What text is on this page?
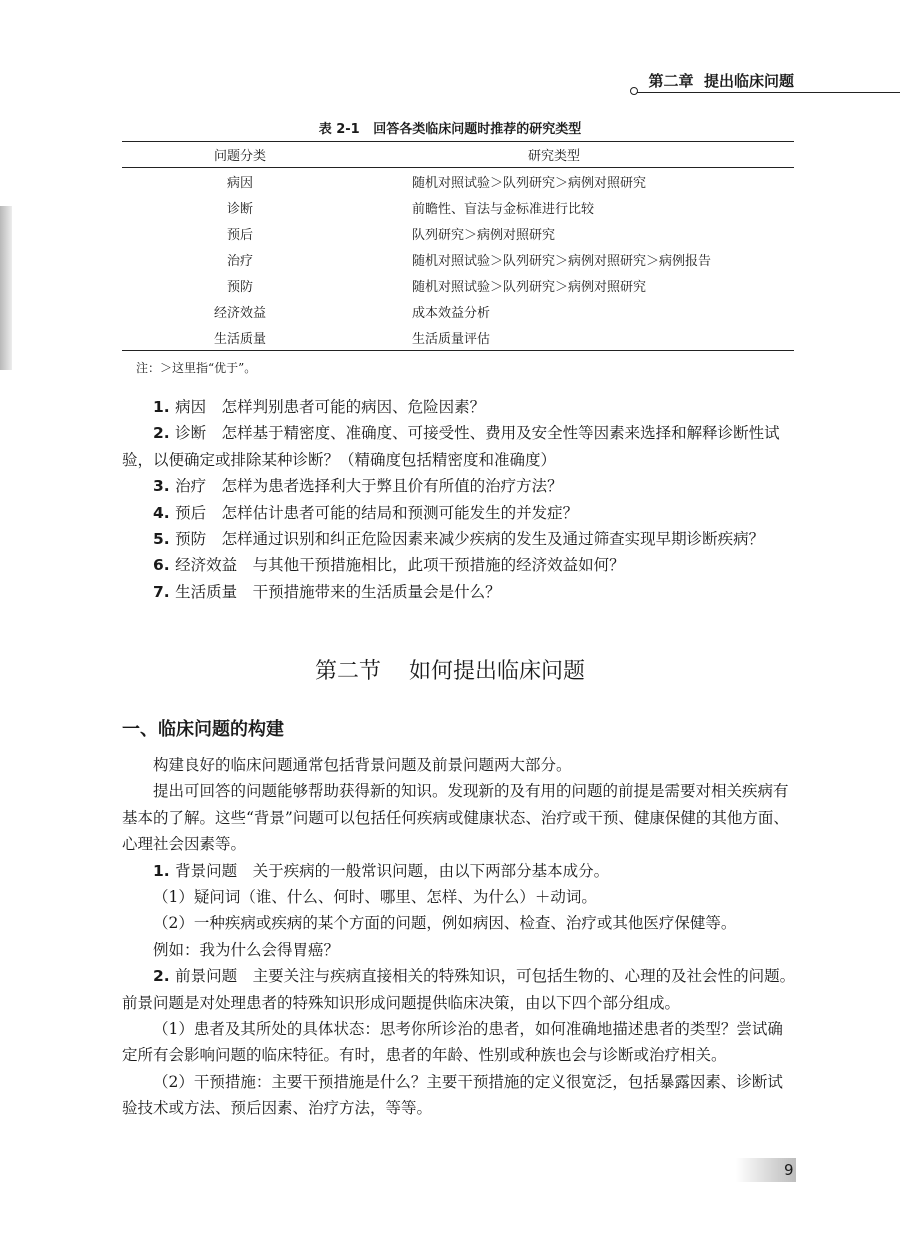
第二章  提出临床问题
表 2-1   回答各类临床问题时推荐的研究类型
问题分类	研究类型
病因	随机对照试验＞队列研究＞病例对照研究
诊断	前瞻性、盲法与金标准进行比较
预后	队列研究＞病例对照研究
治疗	随机对照试验＞队列研究＞病例对照研究＞病例报告
预防	随机对照试验＞队列研究＞病例对照研究
经济效益	成本效益分析
生活质量	生活质量评估
注：＞这里指“优于”。

1. 病因　 怎样判别患者可能的病因、危险因素？

2. 诊断　 怎样基于精密度、准确度、可接受性、费用及安全性等因素来选择和解释诊断性试验，以便确定或排除某种诊断？（精确度包括精密度和准确度）

3. 治疗　 怎样为患者选择利大于弊且价有所值的治疗方法？

4. 预后　 怎样估计患者可能的结局和预测可能发生的并发症？

5. 预防　 怎样通过识别和纠正危险因素来减少疾病的发生及通过筛查实现早期诊断疾病？

6. 经济效益　 与其他干预措施相比，此项干预措施的经济效益如何？

7. 生活质量　 干预措施带来的生活质量会是什么？

第二节    如何提出临床问题
一、临床问题的构建

构建良好的临床问题通常包括背景问题及前景问题两大部分。

提出可回答的问题能够帮助获得新的知识。发现新的及有用的问题的前提是需要对相关疾病有基本的了解。这些“背景”问题可以包括任何疾病或健康状态、治疗或干预、健康保健的其他方面、心理社会因素等。

1. 背景问题　 关于疾病的一般常识问题，由以下两部分基本成分。

（1）疑问词（谁、什么、何时、哪里、怎样、为什么）＋动词。

（2）一种疾病或疾病的某个方面的问题，例如病因、检查、治疗或其他医疗保健等。

例如：我为什么会得胃癌？

2. 前景问题　 主要关注与疾病直接相关的特殊知识，可包括生物的、心理的及社会性的问题。前景问题是对处理患者的特殊知识形成问题提供临床决策，由以下四个部分组成。

（1）患者及其所处的具体状态：思考你所诊治的患者，如何准确地描述患者的类型？尝试确定所有会影响问题的临床特征。有时，患者的年龄、性别或种族也会与诊断或治疗相关。

（2）干预措施：主要干预措施是什么？主要干预措施的定义很宽泛，包括暴露因素、诊断试验技术或方法、预后因素、治疗方法，等等。

9
